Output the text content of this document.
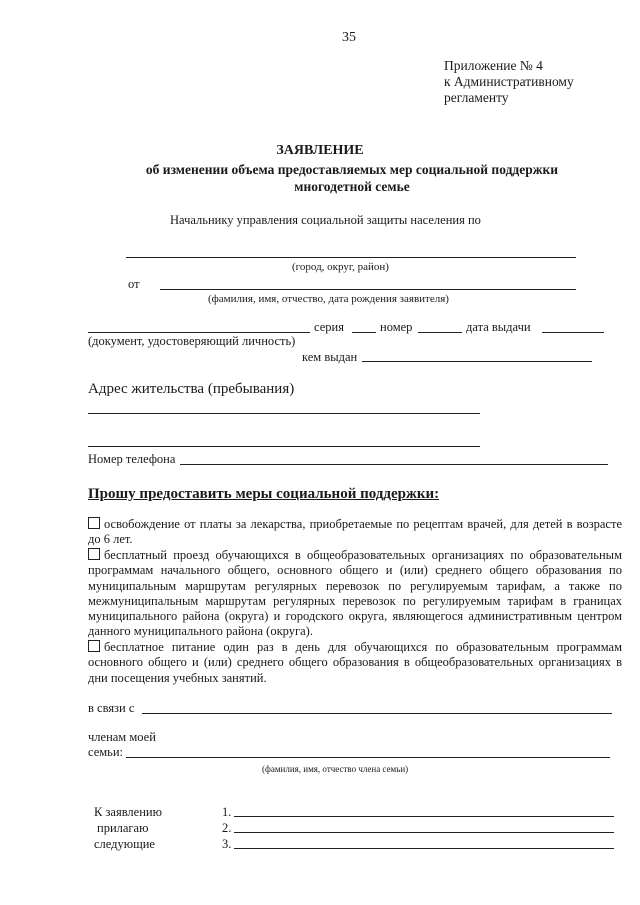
35
Приложение № 4
к Административному
регламенту
ЗАЯВЛЕНИЕ
об изменении объема предоставляемых мер социальной поддержки
многодетной семье
Начальнику управления социальной защиты населения по
(город, округ, район)
от
(фамилия, имя, отчество, дата рождения заявителя)
серия	номер	дата выдачи
(документ, удостоверяющий личность)
кем выдан
Адрес жительства (пребывания)
Номер телефона
Прошу предоставить меры социальной поддержки:
освобождение от платы за лекарства, приобретаемые по рецептам врачей, для детей в возрасте до 6 лет.
бесплатный проезд обучающихся в общеобразовательных организациях по образовательным программам начального общего, основного общего и (или) среднего общего образования по муниципальным маршрутам регулярных перевозок по регулируемым тарифам, а также по межмуниципальным маршрутам регулярных перевозок по регулируемым тарифам в границах муниципального района (округа) и городского округа, являющегося административным центром данного муниципального района (округа).
бесплатное питание один раз в день для обучающихся по образовательным программам основного общего и (или) среднего общего образования в общеобразовательных организациях в дни посещения учебных занятий.
в связи с
членам моей
семьи:
(фамилия, имя, отчество члена семьи)
К заявлению
прилагаю
следующие
1.
2.
3.
